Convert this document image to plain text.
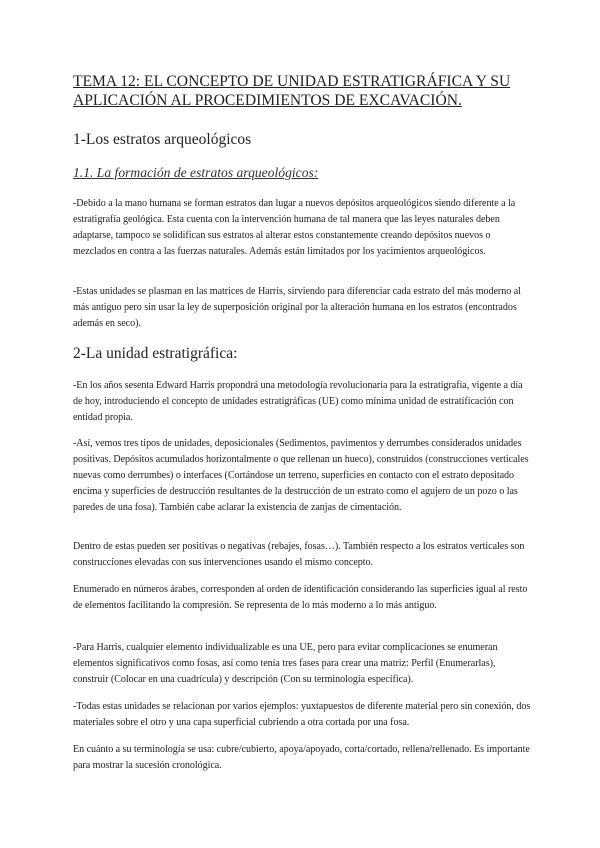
TEMA 12: EL CONCEPTO DE UNIDAD ESTRATIGRÁFICA Y SU APLICACIÓN AL PROCEDIMIENTOS DE EXCAVACIÓN.
1-Los estratos arqueológicos
1.1. La formación de estratos arqueológicos:

-Debido a la mano humana se forman estratos dan lugar a nuevos depósitos arqueológicos siendo diferente a la estratigrafía geológica. Esta cuenta con la intervención humana de tal manera que las leyes naturales deben adaptarse, tampoco se solidifican sus estratos al alterar estos constantemente creando depósitos nuevos o mezclados en contra a las fuerzas naturales. Además están limitados por los yacimientos arqueológicos.

-Estas unidades se plasman en las matrices de Harris, sirviendo para diferenciar cada estrato del más moderno al más antiguo pero sin usar la ley de superposición original por la alteración humana en los estratos (encontrados además en seco).

2-La unidad estratigráfica:

-En los años sesenta Edward Harris propondrá una metodología revolucionaria para la estratigrafía, vigente a día de hoy, introduciendo el concepto de unidades estratigráficas (UE) como mínima unidad de estratificación con entidad propia.

-Así, vemos tres tipos de unidades, deposicionales (Sedimentos, pavimentos y derrumbes considerados unidades positivas. Depósitos acumulados horizontalmente o que rellenan un hueco), construidos (construcciones verticales nuevas como derrumbes) o interfaces (Cortándose un terreno, superficies en contacto con el estrato depositado encima y superficies de destrucción resultantes de la destrucción de un estrato como el agujero de un pozo o las paredes de una fosa). También cabe aclarar la existencia de zanjas de cimentación.

Dentro de estas pueden ser positivas o negativas (rebajes, fosas…). También respecto a los estratos verticales son construcciones elevadas con sus intervenciones usando el mismo concepto.

Enumerado en números árabes, corresponden al orden de identificación considerando las superficies igual al resto de elementos facilitando la compresión. Se representa de lo más moderno a lo más antiguo.

-Para Harris, cualquier elemento individualizable es una UE, pero para evitar complicaciones se enumeran elementos significativos como fosas, así como tenía tres fases para crear una matriz: Perfil (Enumerarlas), construir (Colocar en una cuadrícula) y descripción (Con su terminología específica).

-Todas estas unidades se relacionan por varios ejemplos: yuxtapuestos de diferente material pero sin conexión, dos materiales sobre el otro y una capa superficial cubriendo a otra cortada por una fosa.

En cuánto a su terminología se usa: cubre/cubierto, apoya/apoyado, corta/cortado, rellena/rellenado. Es importante para mostrar la sucesión cronológica.
